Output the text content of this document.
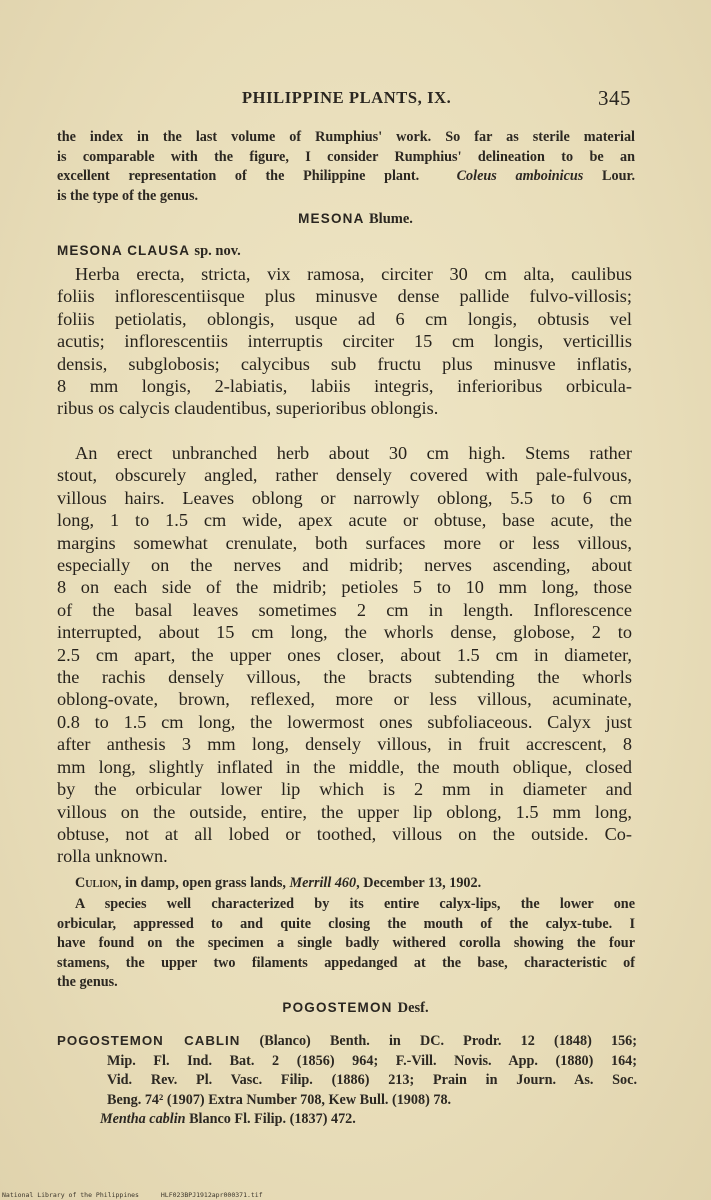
PHILIPPINE PLANTS, IX.	345
the index in the last volume of Rumphius' work. So far as sterile material
is comparable with the figure, I consider Rumphius' delineation to be an
excellent representation of the Philippine plant.	Coleus amboinicus Lour.
is the type of the genus.
MESONA Blume.
MESONA CLAUSA sp. nov.
Herba erecta, stricta, vix ramosa, circiter 30 cm alta, caulibus
foliis inflorescentiisque plus minusve dense pallide fulvo-villosis;
foliis petiolatis, oblongis, usque ad 6 cm longis, obtusis vel
acutis; inflorescentiis interruptis circiter 15 cm longis, verticillis
densis, subglobosis; calycibus sub fructu plus minusve inflatis,
8 mm longis, 2-labiatis, labiis integris, inferioribus orbicula-
ribus os calycis claudentibus, superioribus oblongis.
An erect unbranched herb about 30 cm high. Stems rather
stout, obscurely angled, rather densely covered with pale-fulvous,
villous hairs. Leaves oblong or narrowly oblong, 5.5 to 6 cm
long, 1 to 1.5 cm wide, apex acute or obtuse, base acute, the
margins somewhat crenulate, both surfaces more or less villous,
especially on the nerves and midrib; nerves ascending, about
8 on each side of the midrib; petioles 5 to 10 mm long, those
of the basal leaves sometimes 2 cm in length. Inflorescence
interrupted, about 15 cm long, the whorls dense, globose, 2 to
2.5 cm apart, the upper ones closer, about 1.5 cm in diameter,
the rachis densely villous, the bracts subtending the whorls
oblong-ovate, brown, reflexed, more or less villous, acuminate,
0.8 to 1.5 cm long, the lowermost ones subfoliaceous. Calyx just
after anthesis 3 mm long, densely villous, in fruit accrescent, 8
mm long, slightly inflated in the middle, the mouth oblique, closed
by the orbicular lower lip which is 2 mm in diameter and
villous on the outside, entire, the upper lip oblong, 1.5 mm long,
obtuse, not at all lobed or toothed, villous on the outside. Co-
rolla unknown.
Culion, in damp, open grass lands, Merrill 460, December 13, 1902.
A species well characterized by its entire calyx-lips, the lower one
orbicular, appressed to and quite closing the mouth of the calyx-tube. I
have found on the specimen a single badly withered corolla showing the four
stamens, the upper two filaments appedanged at the base, characteristic of
the genus.
POGOSTEMON Desf.
POGOSTEMON CABLIN (Blanco) Benth. in DC. Prodr. 12 (1848) 156;
Mip. Fl. Ind. Bat. 2 (1856) 964; F.-Vill. Novis. App. (1880) 164;
Vid. Rev. Pl. Vasc. Filip. (1886) 213; Prain in Journ. As. Soc.
Beng. 74² (1907) Extra Number 708, Kew Bull. (1908) 78.
Mentha cablin Blanco Fl. Filip. (1837) 472.
National Library of the Philippines	HLF023BPJ1912apr000371.tif
